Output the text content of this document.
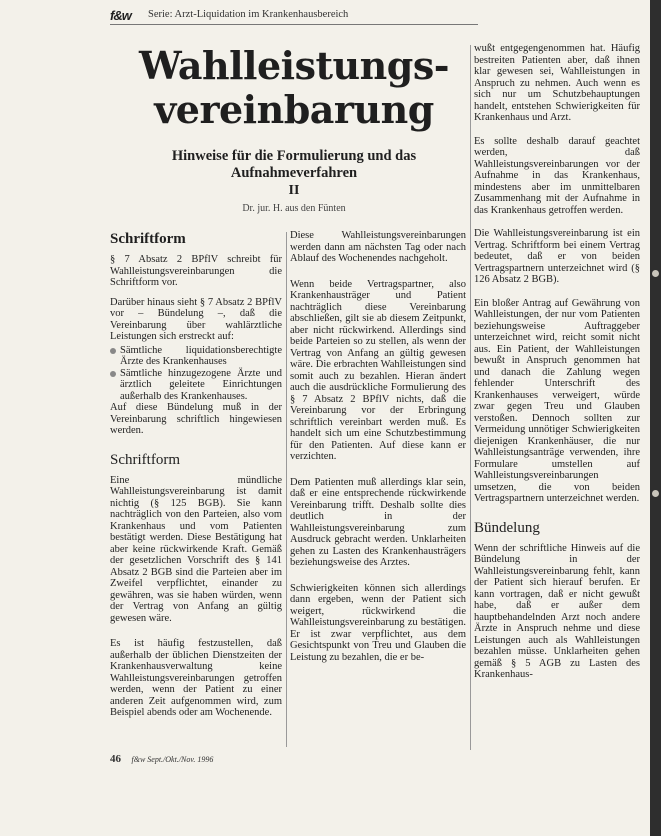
f&w Serie: Arzt-Liquidation im Krankenhausbereich
Wahlleistungs-
vereinbarung
Hinweise für die Formulierung und das
Aufnahmeverfahren
II
Dr. jur. H. aus den Fünten
Schriftform

§ 7 Absatz 2 BPflV schreibt für Wahlleistungsvereinbarungen die Schriftform vor.

Darüber hinaus sieht § 7 Absatz 2 BPflV vor – Bündelung –, daß die Vereinbarung über wahlärztliche Leistungen sich erstreckt auf:

Sämtliche liquidationsberechtigte Ärzte des Krankenhauses
Sämtliche hinzugezogene Ärzte und ärztlich geleitete Einrichtungen außerhalb des Krankenhauses.

Auf diese Bündelung muß in der Vereinbarung schriftlich hingewiesen werden.

Schriftform

Eine mündliche Wahlleistungsvereinbarung ist damit nichtig (§ 125 BGB). Sie kann nachträglich von den Parteien, also vom Krankenhaus und vom Patienten bestätigt werden. Diese Bestätigung hat aber keine rückwirkende Kraft. Gemäß der gesetzlichen Vorschrift des § 141 Absatz 2 BGB sind die Parteien aber im Zweifel verpflichtet, einander zu gewähren, was sie haben würden, wenn der Vertrag von Anfang an gültig gewesen wäre.

Es ist häufig festzustellen, daß außerhalb der üblichen Dienstzeiten der Krankenhausverwaltung keine Wahlleistungsvereinbarungen getroffen werden, wenn der Patient zu einer anderen Zeit aufgenommen wird, zum Beispiel abends oder am Wochenende.

Diese Wahlleistungsvereinbarungen werden dann am nächsten Tag oder nach Ablauf des Wochenendes nachgeholt.

Wenn beide Vertragspartner, also Krankenhausträger und Patient nachträglich diese Vereinbarung abschließen, gilt sie ab diesem Zeitpunkt, aber nicht rückwirkend. Allerdings sind beide Parteien so zu stellen, als wenn der Vertrag von Anfang an gültig gewesen wäre. Die erbrachten Wahlleistungen sind somit auch zu bezahlen. Hieran ändert auch die ausdrückliche Formulierung des § 7 Absatz 2 BPflV nichts, daß die Vereinbarung vor der Erbringung schriftlich vereinbart werden muß. Es handelt sich um eine Schutzbestimmung für den Patienten. Auf diese kann er verzichten.

Dem Patienten muß allerdings klar sein, daß er eine entsprechende rückwirkende Vereinbarung trifft. Deshalb sollte dies deutlich in der Wahlleistungsvereinbarung zum Ausdruck gebracht werden. Unklarheiten gehen zu Lasten des Krankenhausträgers beziehungsweise des Arztes.

Schwierigkeiten können sich allerdings dann ergeben, wenn der Patient sich weigert, rückwirkend die Wahlleistungsvereinbarung zu bestätigen. Er ist zwar verpflichtet, aus dem Gesichtspunkt von Treu und Glauben die Leistung zu bezahlen, die er be-

wußt entgegengenommen hat. Häufig bestreiten Patienten aber, daß ihnen klar gewesen sei, Wahlleistungen in Anspruch zu nehmen. Auch wenn es sich nur um Schutzbehauptungen handelt, entstehen Schwierigkeiten für Krankenhaus und Arzt.

Es sollte deshalb darauf geachtet werden, daß Wahlleistungsvereinbarungen vor der Aufnahme in das Krankenhaus, mindestens aber im unmittelbaren Zusammenhang mit der Aufnahme in das Krankenhaus getroffen werden.

Die Wahlleistungsvereinbarung ist ein Vertrag. Schriftform bei einem Vertrag bedeutet, daß er von beiden Vertragspartnern unterzeichnet wird (§ 126 Absatz 2 BGB).

Ein bloßer Antrag auf Gewährung von Wahlleistungen, der nur vom Patienten beziehungsweise Auftraggeber unterzeichnet wird, reicht somit nicht aus. Ein Patient, der Wahlleistungen bewußt in Anspruch genommen hat und danach die Zahlung wegen fehlender Unterschrift des Krankenhauses verweigert, würde zwar gegen Treu und Glauben verstoßen. Dennoch sollten zur Vermeidung unnötiger Schwierigkeiten diejenigen Krankenhäuser, die nur Wahlleistungsanträge verwenden, ihre Formulare umstellen auf Wahlleistungsvereinbarungen umsetzen, die von beiden Vertragspartnern unterzeichnet werden.

Bündelung

Wenn der schriftliche Hinweis auf die Bündelung in der Wahlleistungsvereinbarung fehlt, kann der Patient sich hierauf berufen. Er kann vortragen, daß er nicht gewußt habe, daß er außer dem hauptbehandelnden Arzt noch andere Ärzte in Anspruch nehme und diese Leistungen auch als Wahlleistungen bezahlen müsse. Unklarheiten gehen gemäß § 5 AGB zu Lasten des Krankenhaus-

46 f&w Sept./Okt./Nov. 1996
